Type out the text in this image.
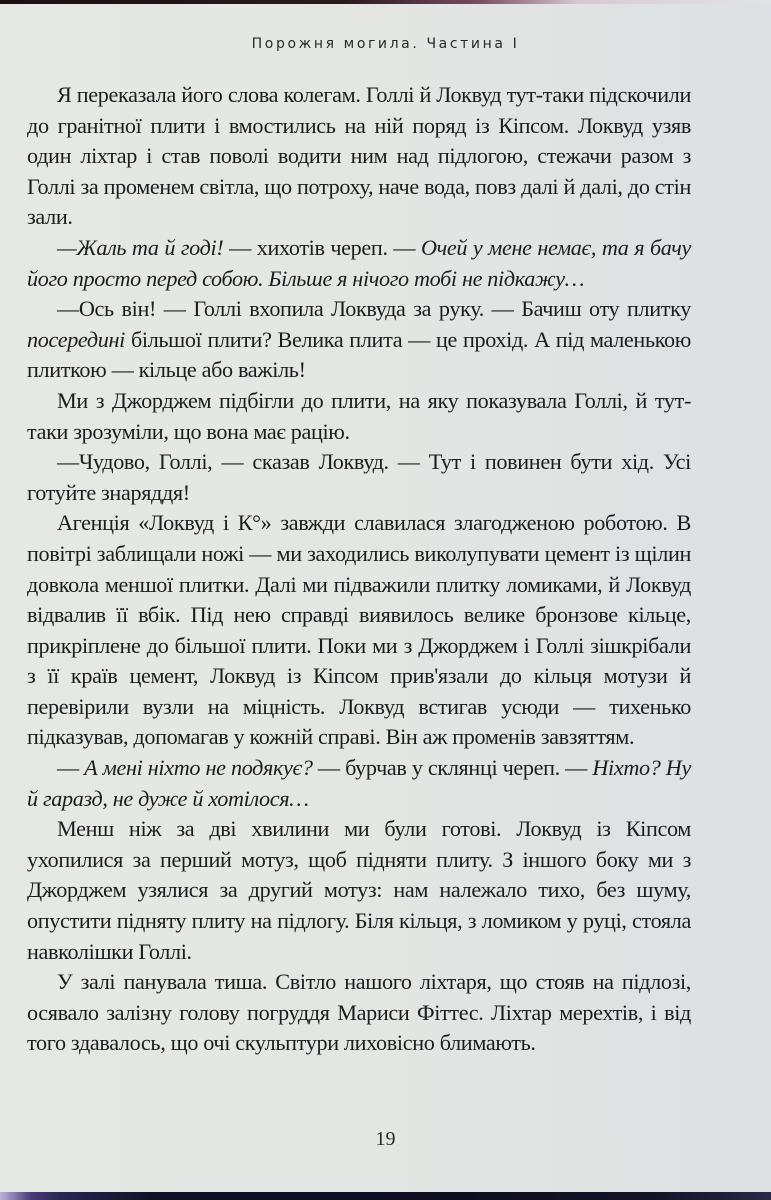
Порожня могила. Частина І

Я переказала його слова колегам. Голлі й Локвуд тут-таки підскочили до гранітної плити і вмостились на ній поряд із Кіпсом. Локвуд узяв один ліхтар і став поволі водити ним над підлогою, стежачи разом з Голлі за променем світла, що потроху, наче вода, повз далі й далі, до стін зали.

—Жаль та й годі! — хихотів череп. — Очей у мене немає, та я бачу його просто перед собою. Більше я нічого тобі не підкажу…

—Ось він! — Голлі вхопила Локвуда за руку. — Бачиш оту плитку посередині більшої плити? Велика плита — це прохід. А під маленькою плиткою — кільце або важіль!

Ми з Джорджем підбігли до плити, на яку показувала Голлі, й тут-таки зрозуміли, що вона має рацію.

—Чудово, Голлі, — сказав Локвуд. — Тут і повинен бути хід. Усі готуйте знаряддя!

Агенція «Локвуд і К°» завжди славилася злагодженою роботою. В повітрі заблищали ножі — ми заходились виколупувати цемент із щілин довкола меншої плитки. Далі ми підважили плитку ломиками, й Локвуд відвалив її вбік. Під нею справді виявилось велике бронзове кільце, прикріплене до більшої плити. Поки ми з Джорджем і Голлі зішкрібали з її країв цемент, Локвуд із Кіпсом прив'язали до кільця мотузи й перевірили вузли на міцність. Локвуд встигав усюди — тихенько підказував, допомагав у кожній справі. Він аж променів завзяттям.

— А мені ніхто не подякує? — бурчав у склянці череп. — Ніхто? Ну й гаразд, не дуже й хотілося…

Менш ніж за дві хвилини ми були готові. Локвуд із Кіпсом ухопилися за перший мотуз, щоб підняти плиту. З іншого боку ми з Джорджем узялися за другий мотуз: нам належало тихо, без шуму, опустити підняту плиту на підлогу. Біля кільця, з ломиком у руці, стояла навколішки Голлі.

У залі панувала тиша. Світло нашого ліхтаря, що стояв на підлозі, осявало залізну голову погруддя Мариси Фіттес. Ліхтар мерехтів, і від того здавалось, що очі скульптури лиховісно блимають.

19
